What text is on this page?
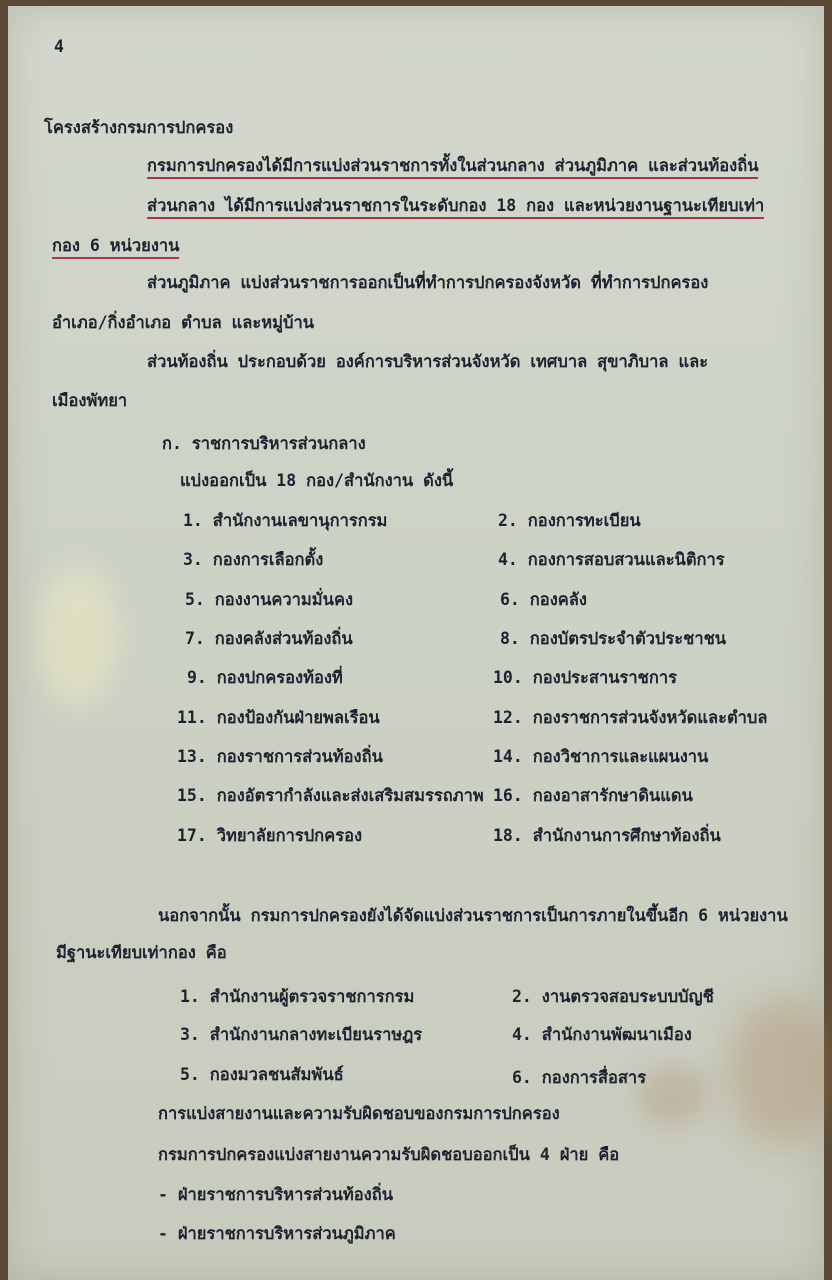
4
โครงสร้างกรมการปกครอง
กรมการปกครองได้มีการแบ่งส่วนราชการทั้งในส่วนกลาง ส่วนภูมิภาค และส่วนท้องถิ่น
ส่วนกลาง ได้มีการแบ่งส่วนราชการในระดับกอง 18 กอง และหน่วยงานฐานะเทียบเท่า
กอง 6 หน่วยงาน
ส่วนภูมิภาค แบ่งส่วนราชการออกเป็นที่ทำการปกครองจังหวัด ที่ทำการปกครอง
อำเภอ/กิ่งอำเภอ ตำบล และหมู่บ้าน
ส่วนท้องถิ่น ประกอบด้วย องค์การบริหารส่วนจังหวัด เทศบาล สุขาภิบาล และ
เมืองพัทยา
ก. ราชการบริหารส่วนกลาง
แบ่งออกเป็น 18 กอง/สำนักงาน ดังนี้
1. สำนักงานเลขานุการกรม	2. กองการทะเบียน
3. กองการเลือกตั้ง	4. กองการสอบสวนและนิติการ
5. กองงานความมั่นคง	6. กองคลัง
7. กองคลังส่วนท้องถิ่น	8. กองบัตรประจำตัวประชาชน
9. กองปกครองท้องที่	10. กองประสานราชการ
11. กองป้องกันฝ่ายพลเรือน	12. กองราชการส่วนจังหวัดและตำบล
13. กองราชการส่วนท้องถิ่น	14. กองวิชาการและแผนงาน
15. กองอัตรากำลังและส่งเสริมสมรรถภาพ 16. กองอาสารักษาดินแดน
17. วิทยาลัยการปกครอง	18. สำนักงานการศึกษาท้องถิ่น
นอกจากนั้น กรมการปกครองยังได้จัดแบ่งส่วนราชการเป็นการภายในขึ้นอีก 6 หน่วยงาน
มีฐานะเทียบเท่ากอง คือ
1. สำนักงานผู้ตรวจราชการกรม	2. งานตรวจสอบระบบบัญชี
3. สำนักงานกลางทะเบียนราษฎร	4. สำนักงานพัฒนาเมือง
5. กองมวลชนสัมพันธ์	6. กองการสื่อสาร
การแบ่งสายงานและความรับผิดชอบของกรมการปกครอง
กรมการปกครองแบ่งสายงานความรับผิดชอบออกเป็น 4 ฝ่าย คือ
- ฝ่ายราชการบริหารส่วนท้องถิ่น
- ฝ่ายราชการบริหารส่วนภูมิภาค
